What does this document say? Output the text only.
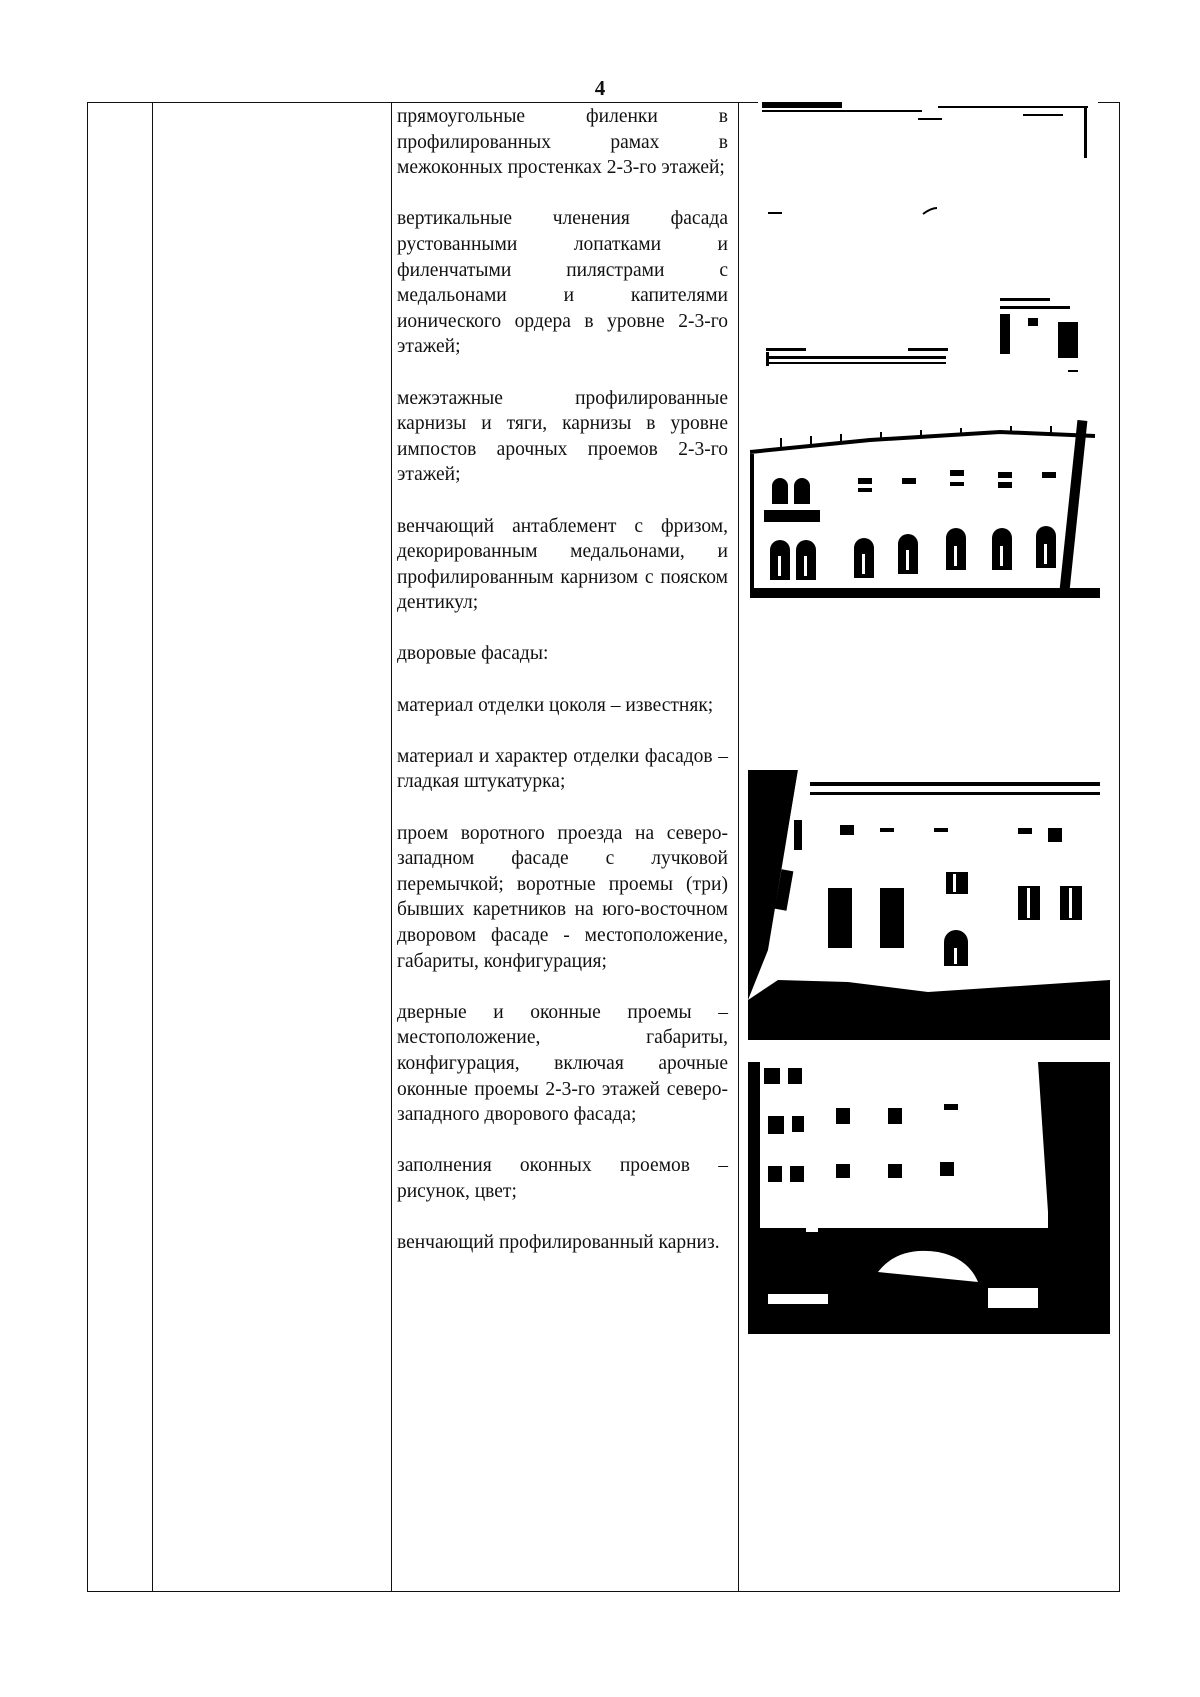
4

прямоугольные филенки в профилированных рамах в межоконных простенках 2-3-го этажей;

вертикальные членения фасада рустованными лопатками и филенчатыми пилястрами с медальонами и капителями ионического ордера в уровне 2-3-го этажей;

межэтажные профилированные карнизы и тяги, карнизы в уровне импостов арочных проемов 2-3-го этажей;

венчающий антаблемент с фризом, декорированным медальонами, и профилированным карнизом с пояском дентикул;

дворовые фасады:

материал отделки цоколя – известняк;

материал и характер отделки фасадов – гладкая штукатурка;

проем воротного проезда на северо-западном фасаде с лучковой перемычкой; воротные проемы (три) бывших каретников на юго-восточном дворовом фасаде - местоположение, габариты, конфигурация;

дверные и оконные проемы – местоположение, габариты, конфигурация, включая арочные оконные проемы 2-3-го этажей северо-западного дворового фасада;

заполнения оконных проемов – рисунок, цвет;

венчающий профилированный карниз.
